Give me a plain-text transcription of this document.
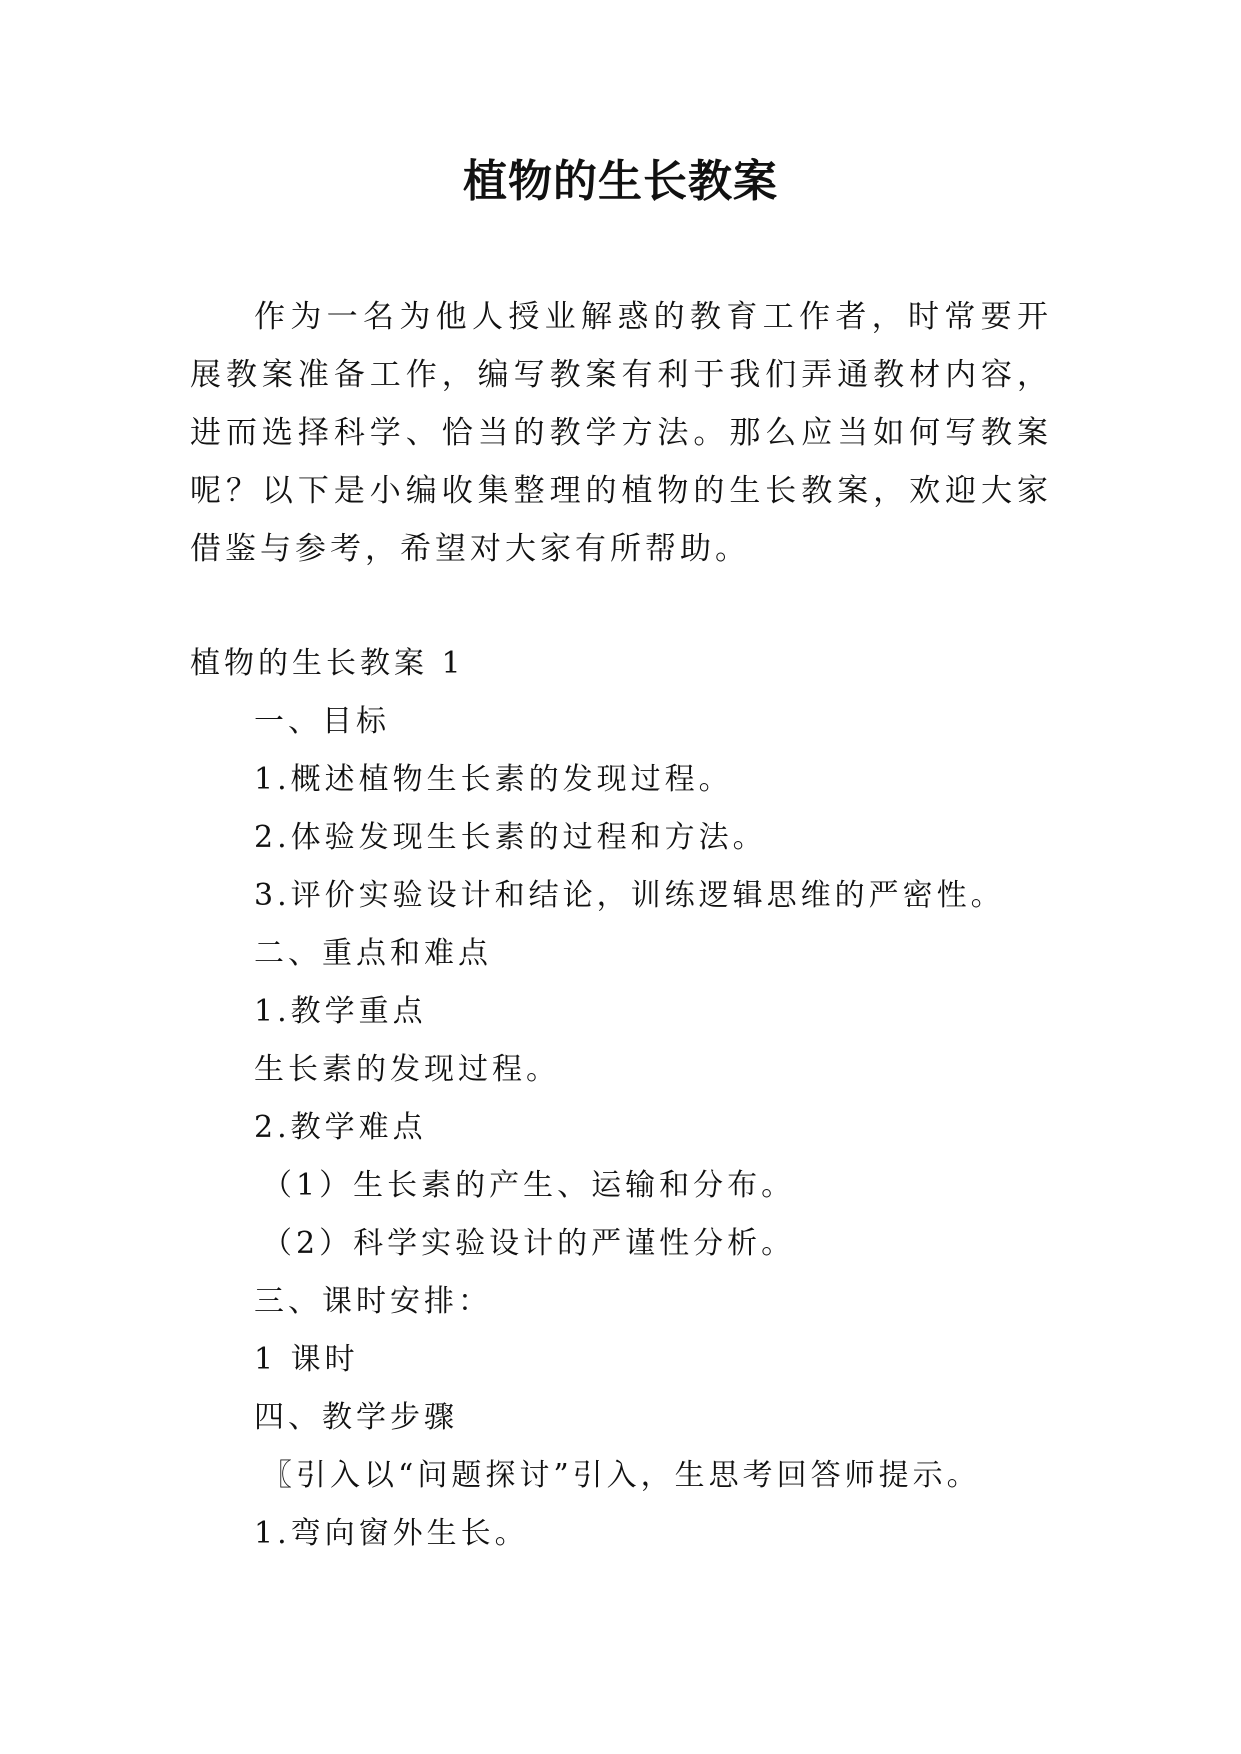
植物的生长教案

作为一名为他人授业解惑的教育工作者，时常要开展教案准备工作，编写教案有利于我们弄通教材内容，进而选择科学、恰当的教学方法。那么应当如何写教案呢？以下是小编收集整理的植物的生长教案，欢迎大家借鉴与参考，希望对大家有所帮助。

植物的生长教案 1

一、目标

1.概述植物生长素的发现过程。

2.体验发现生长素的过程和方法。

3.评价实验设计和结论，训练逻辑思维的严密性。

二、重点和难点

1.教学重点

生长素的发现过程。

2.教学难点

（1）生长素的产生、运输和分布。

（2）科学实验设计的严谨性分析。

三、课时安排：

1 课时

四、教学步骤

〖引入以“问题探讨”引入，生思考回答师提示。

1.弯向窗外生长。
